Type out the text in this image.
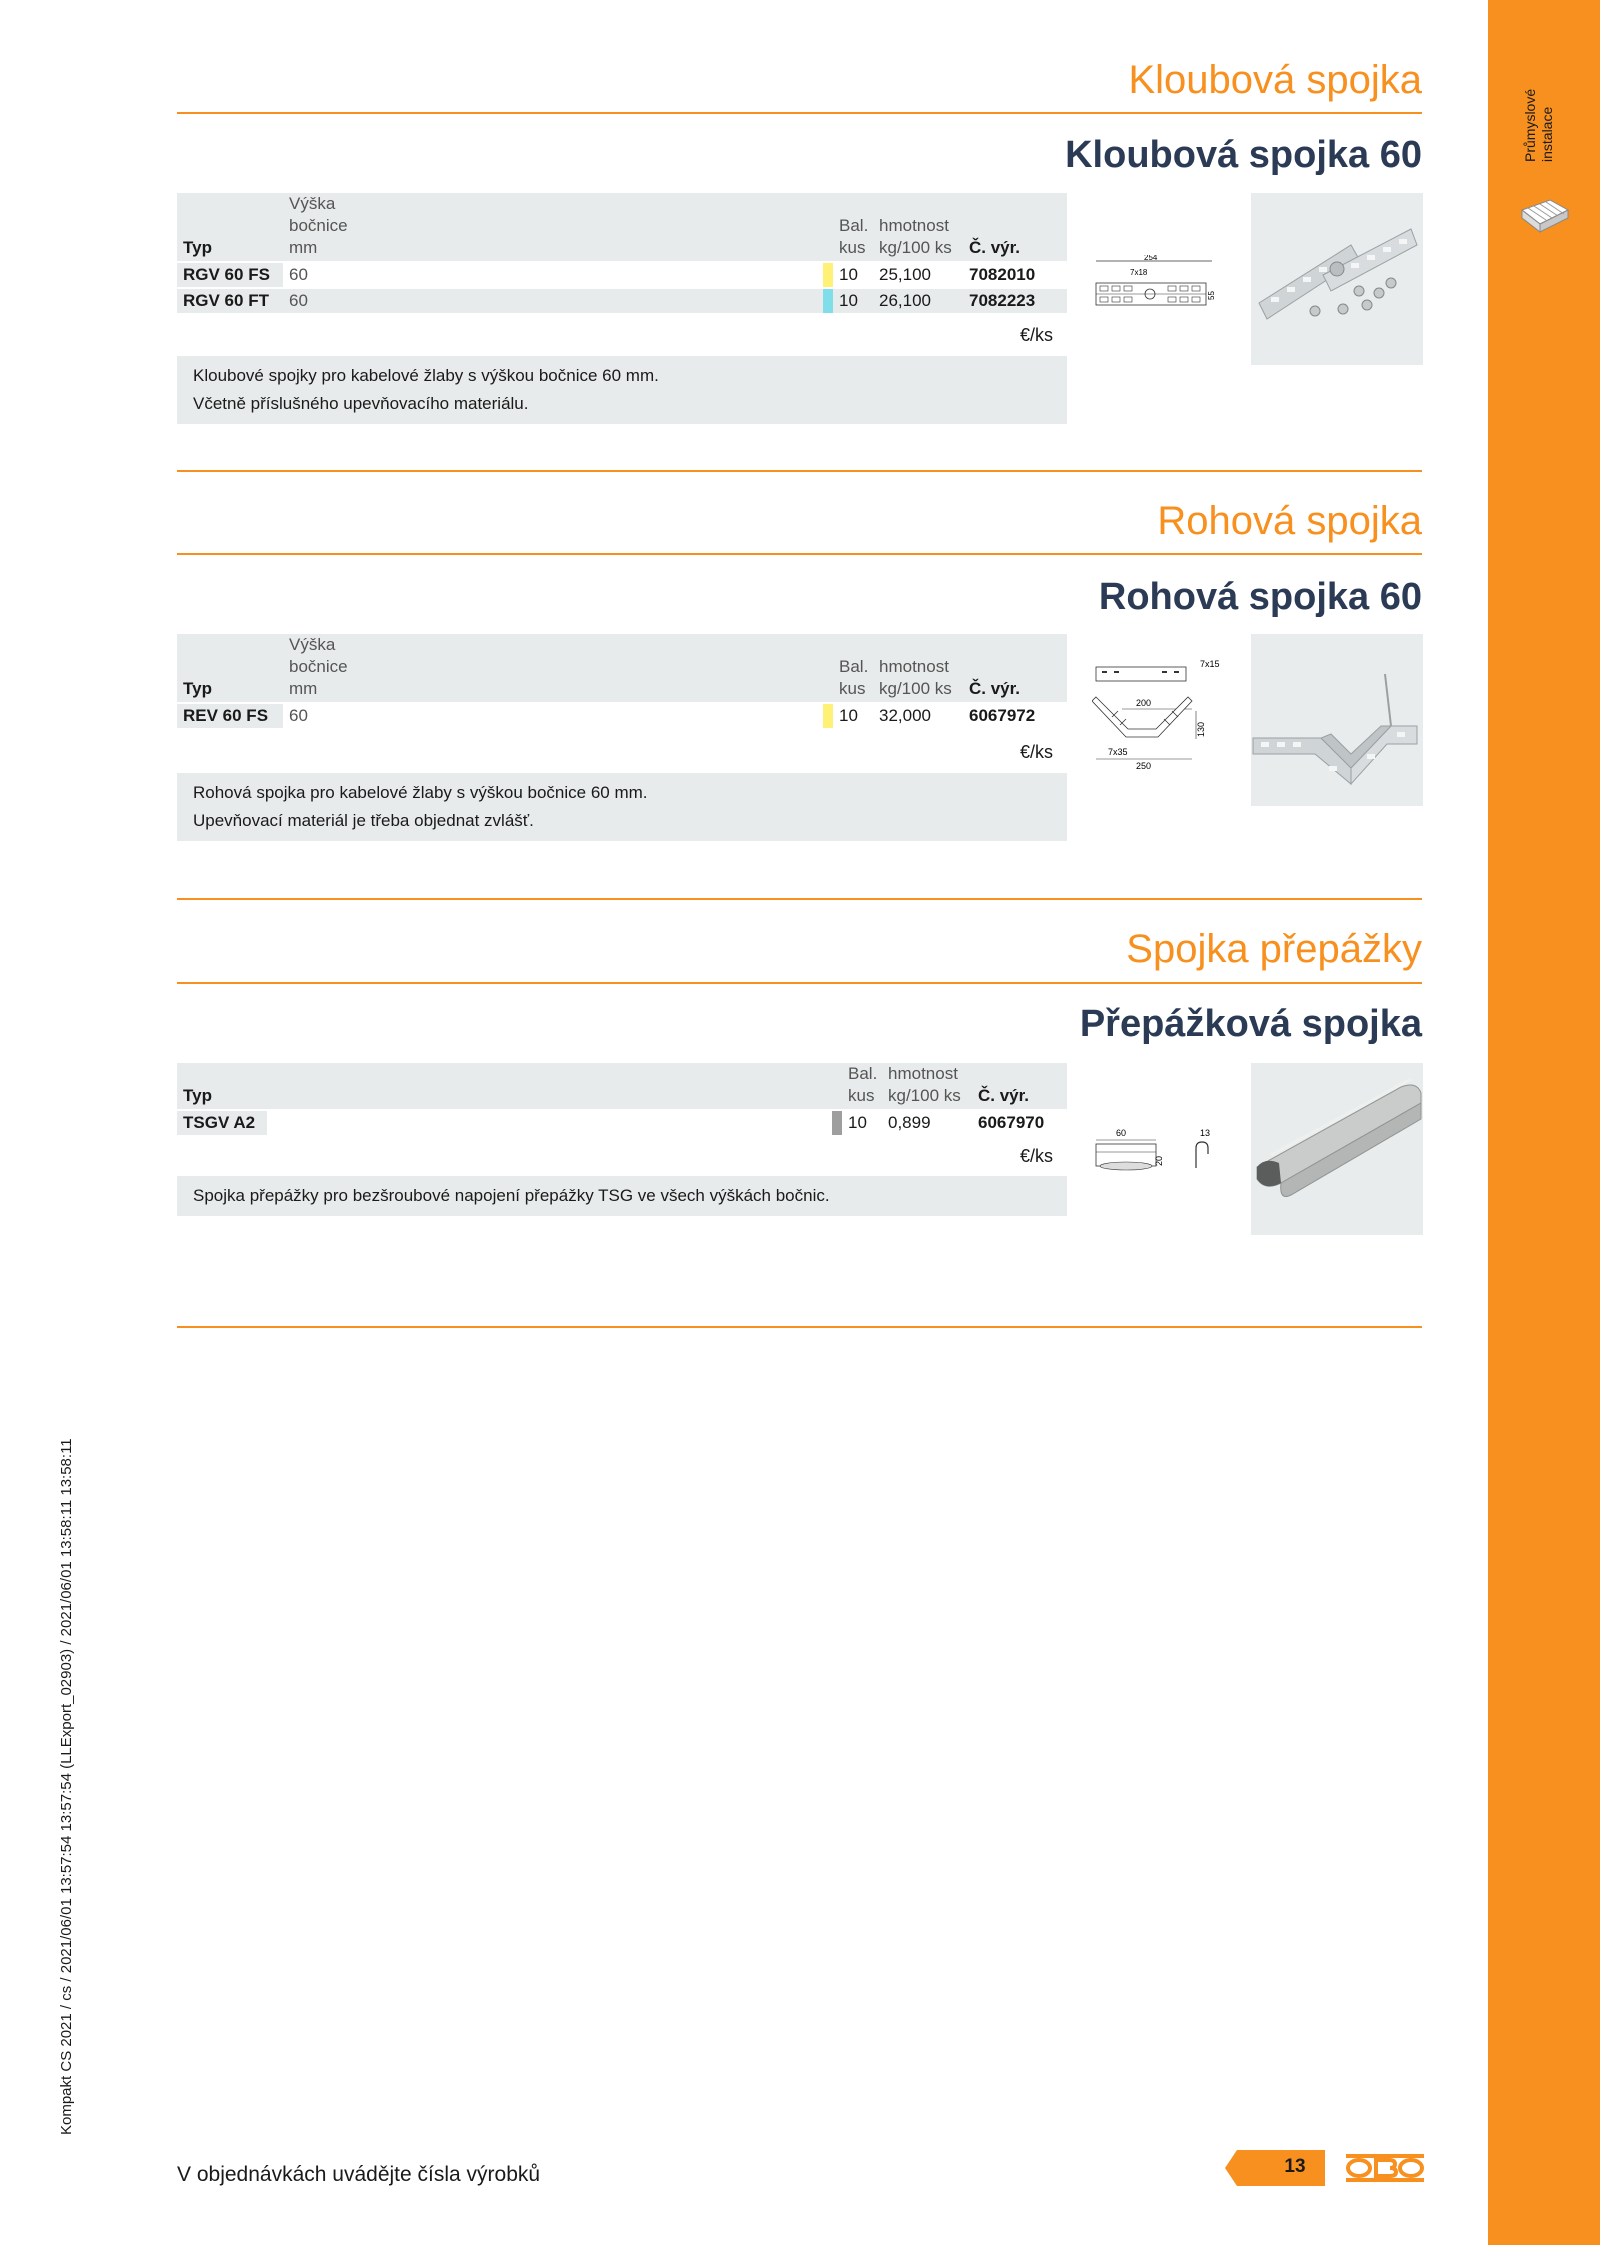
Průmyslové
instalace
Kloubová spojka
Kloubová spojka 60

Typ	Výška
bočnice
mm			Bal.
kus	hmotnost
kg/100 ks	Č. výr.
RGV 60 FS	60			10	25,100	7082010
RGV 60 FT	60			10	26,100	7082223
€/ks

Kloubové spojky pro kabelové žlaby s výškou bočnice 60 mm.

Včetně příslušného upevňovacího materiálu.

254
7x18
55
Rohová spojka
Rohová spojka 60

Typ	Výška
bočnice
mm			Bal.
kus	hmotnost
kg/100 ks	Č. výr.
REV 60 FS	60			10	32,000	6067972
€/ks

Rohová spojka pro kabelové žlaby s výškou bočnice 60 mm.

Upevňovací materiál je třeba objednat zvlášť.

7x15
200
130
7x35
250
Spojka přepážky
Přepážková spojka

Typ			Bal.
kus	hmotnost
kg/100 ks	Č. výr.
TSGV A2			10	0,899	6067970
€/ks

Spojka přepážky pro bezšroubové napojení přepážky TSG ve všech výškách bočnic.

60
20
13
Kompakt CS 2021 / cs / 2021/06/01 13:57:54 13:57:54 (LLExport_02903) / 2021/06/01 13:58:11 13:58:11
V objednávkách uvádějte čísla výrobků	13
